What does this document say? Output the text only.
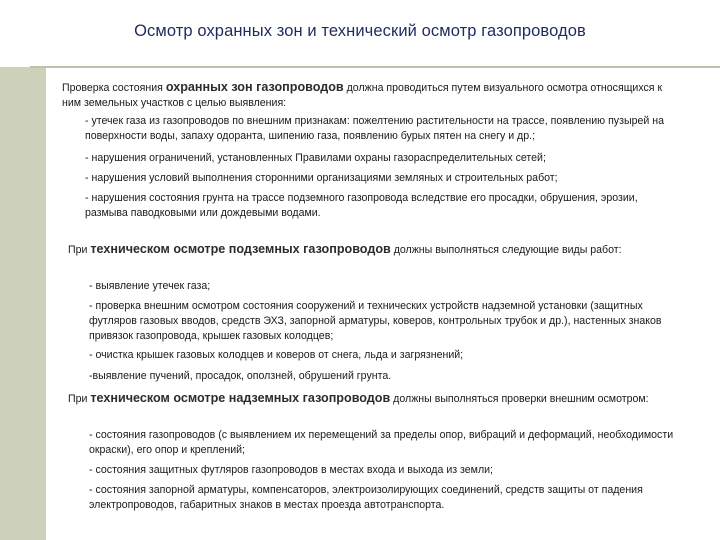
Осмотр охранных зон и технический осмотр газопроводов

Проверка состояния охранных зон газопроводов должна проводиться путем визуального осмотра относящихся к ним земельных участков с целью выявления:

- утечек газа из газопроводов по внешним признакам: пожелтению растительности на трассе, появлению пузырей на поверхности воды, запаху одоранта, шипению газа, появлению бурых пятен на снегу и др.;
- нарушения ограничений, установленных Правилами охраны газораспределительных сетей;
- нарушения условий выполнения сторонними организациями земляных и строительных работ;
- нарушения состояния грунта на трассе подземного газопровода вследствие его просадки, обрушения, эрозии, размыва паводковыми или дождевыми водами.

При техническом осмотре подземных газопроводов должны выполняться следующие виды работ:

- выявление утечек газа;
- проверка внешним осмотром состояния сооружений и технических устройств надземной установки (защитных футляров газовых вводов, средств ЭХЗ, запорной арматуры, коверов, контрольных трубок и др.), настенных знаков привязок газопровода, крышек газовых колодцев;
- очистка крышек газовых колодцев и коверов от снега, льда и загрязнений;
-выявление пучений, просадок, оползней, обрушений грунта.

При техническом осмотре надземных газопроводов должны выполняться проверки внешним осмотром:

- состояния газопроводов (с выявлением их перемещений за пределы опор, вибраций и деформаций, необходимости окраски), его опор и креплений;
- состояния защитных футляров газопроводов в местах входа и выхода из земли;
- состояния запорной арматуры, компенсаторов, электроизолирующих соединений, средств защиты от падения электропроводов, габаритных знаков в местах проезда автотранспорта.
